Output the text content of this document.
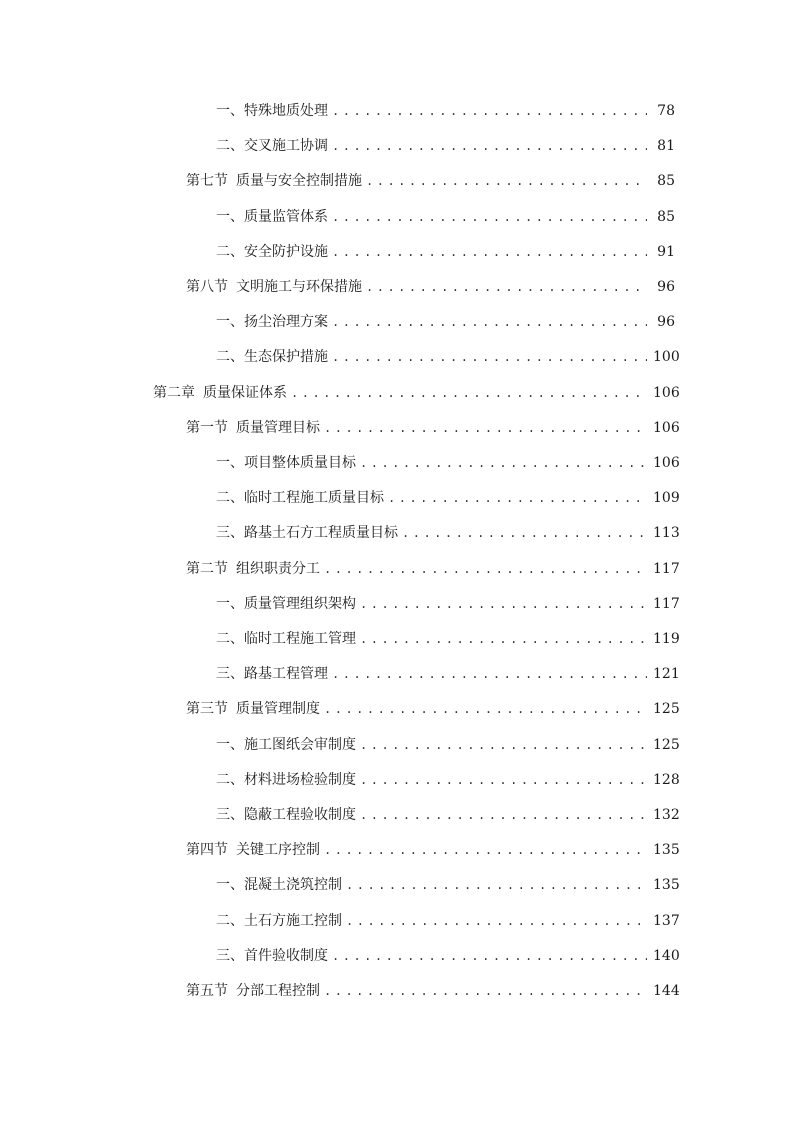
一、 特殊地质处理 .....	78
二、 交叉施工协调 .....	81
第七节 质量与安全控制措施 .....	85
一、 质量监管体系 .....	85
二、 安全防护设施 .....	91
第八节 文明施工与环保措施 .....	96
一、 扬尘治理方案 .....	96
二、 生态保护措施 .....	100
第二章 质量保证体系 .....	106
第一节 质量管理目标 .....	106
一、 项目整体质量目标 .....	106
二、 临时工程施工质量目标 .....	109
三、 路基土石方工程质量目标 .....	113
第二节 组织职责分工 .....	117
一、 质量管理组织架构 .....	117
二、 临时工程施工管理 .....	119
三、 路基工程管理 .....	121
第三节 质量管理制度 .....	125
一、 施工图纸会审制度 .....	125
二、 材料进场检验制度 .....	128
三、 隐蔽工程验收制度 .....	132
第四节 关键工序控制 .....	135
一、 混凝土浇筑控制 .....	135
二、 土石方施工控制 .....	137
三、 首件验收制度 .....	140
第五节 分部工程控制 .....	144
